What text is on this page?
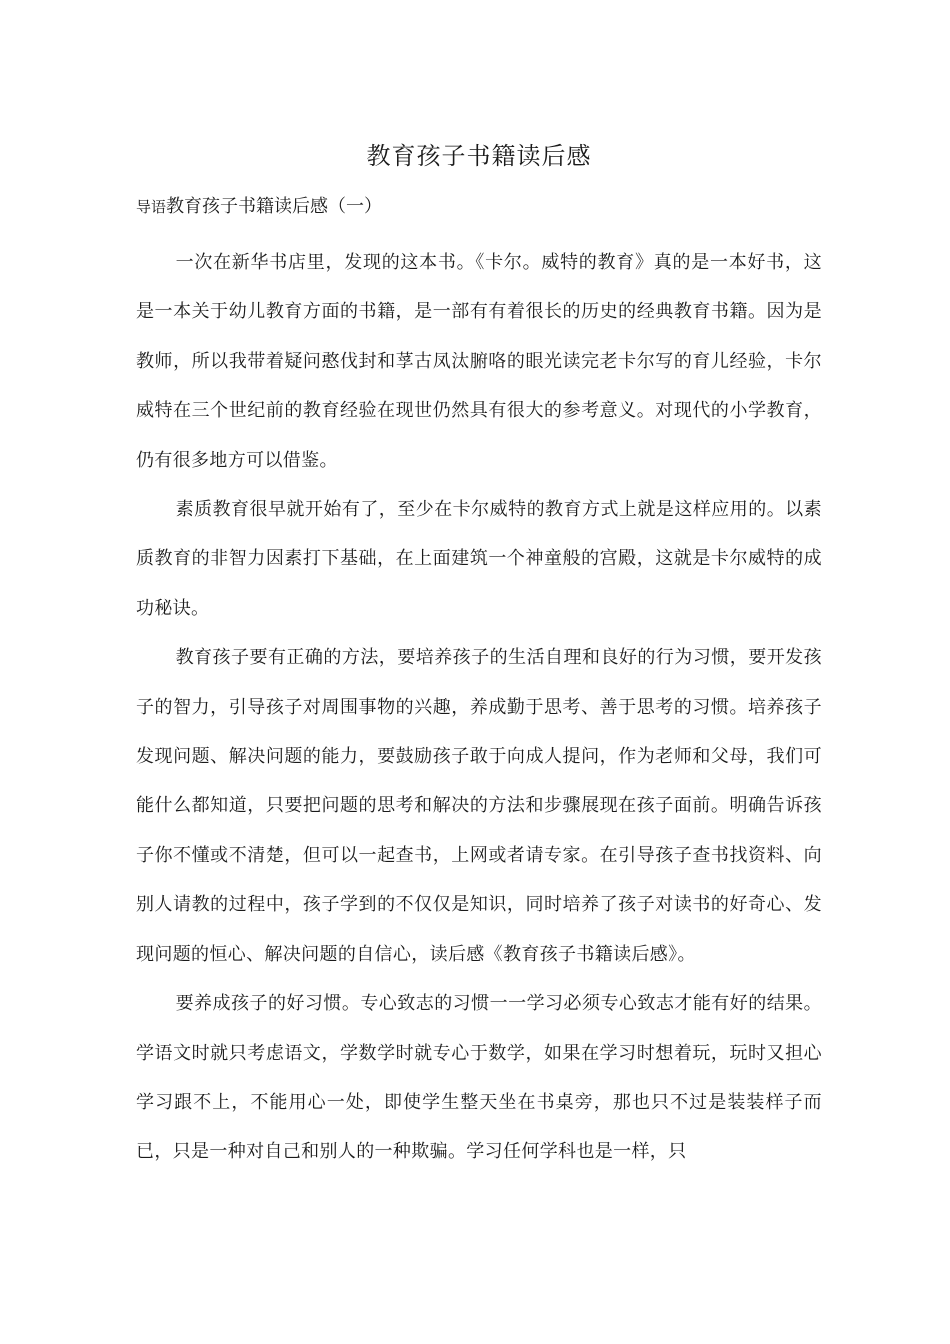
教育孩子书籍读后感

导语教育孩子书籍读后感（一）

一次在新华书店里，发现的这本书。《卡尔。威特的教育》真的是一本好书，这是一本关于幼儿教育方面的书籍，是一部有有着很长的历史的经典教育书籍。因为是教师，所以我带着疑问憨伐封和莩古凤汰腑咯的眼光读完老卡尔写的育儿经验，卡尔威特在三个世纪前的教育经验在现世仍然具有很大的参考意义。对现代的小学教育，仍有很多地方可以借鉴。

素质教育很早就开始有了，至少在卡尔威特的教育方式上就是这样应用的。以素质教育的非智力因素打下基础，在上面建筑一个神童般的宫殿，这就是卡尔威特的成功秘诀。

教育孩子要有正确的方法，要培养孩子的生活自理和良好的行为习惯，要开发孩子的智力，引导孩子对周围事物的兴趣，养成勤于思考、善于思考的习惯。培养孩子发现问题、解决问题的能力，要鼓励孩子敢于向成人提问，作为老师和父母，我们可能什么都知道，只要把问题的思考和解决的方法和步骤展现在孩子面前。明确告诉孩子你不懂或不清楚，但可以一起查书，上网或者请专家。在引导孩子查书找资料、向别人请教的过程中，孩子学到的不仅仅是知识，同时培养了孩子对读书的好奇心、发现问题的恒心、解决问题的自信心，读后感《教育孩子书籍读后感》。

要养成孩子的好习惯。专心致志的习惯一一学习必须专心致志才能有好的结果。学语文时就只考虑语文，学数学时就专心于数学，如果在学习时想着玩，玩时又担心学习跟不上，不能用心一处，即使学生整天坐在书桌旁，那也只不过是装装样子而已，只是一种对自己和别人的一种欺骗。学习任何学科也是一样，只
